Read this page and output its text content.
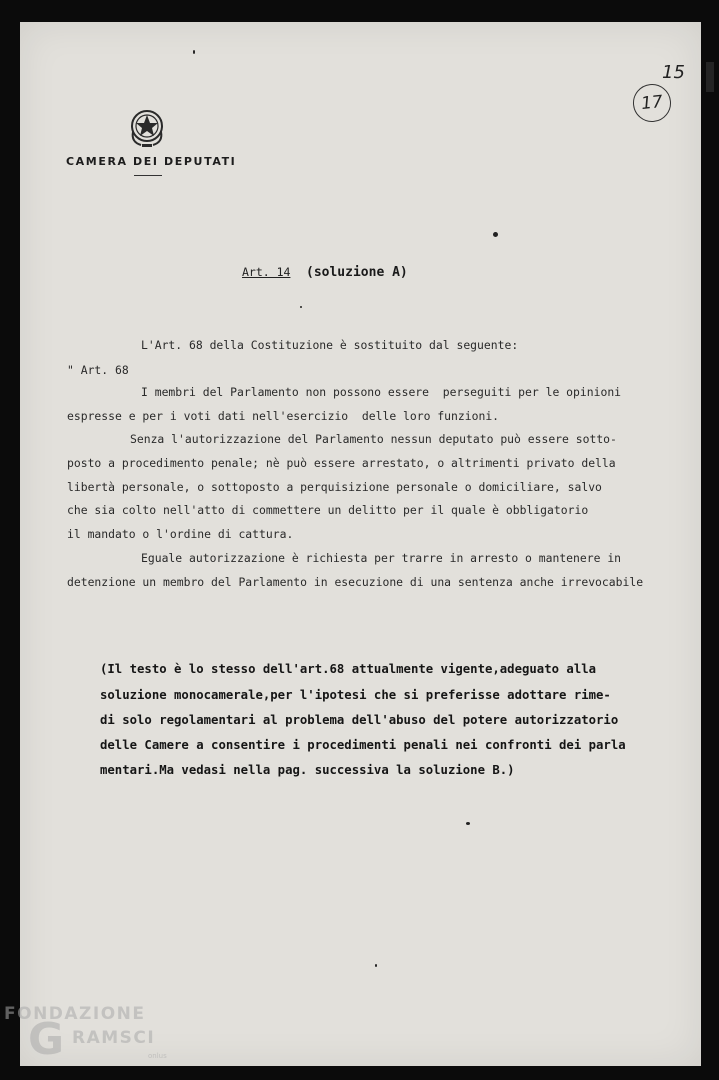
CAMERA DEI DEPUTATI
15
17
Art. 14 (soluzione A)
L'Art. 68 della Costituzione è sostituito dal seguente:
" Art. 68
I membri del Parlamento non possono essere  perseguiti per le opinioni
espresse e per i voti dati nell'esercizio  delle loro funzioni.
Senza l'autorizzazione del Parlamento nessun deputato può essere sotto-
posto a procedimento penale; nè può essere arrestato, o altrimenti privato della
libertà personale, o sottoposto a perquisizione personale o domiciliare, salvo
che sia colto nell'atto di commettere un delitto per il quale è obbligatorio
il mandato o l'ordine di cattura.
Eguale autorizzazione è richiesta per trarre in arresto o mantenere in
detenzione un membro del Parlamento in esecuzione di una sentenza anche irrevocabile
(Il testo è lo stesso dell'art.68 attualmente vigente,adeguato alla
soluzione monocamerale,per l'ipotesi che si preferisse adottare rime-
di solo regolamentari al problema dell'abuso del potere autorizzatorio
delle Camere a consentire i procedimenti penali nei confronti dei parla
mentari.Ma vedasi nella pag. successiva la soluzione B.)
FONDAZIONE
G RAMSCI
onlus
